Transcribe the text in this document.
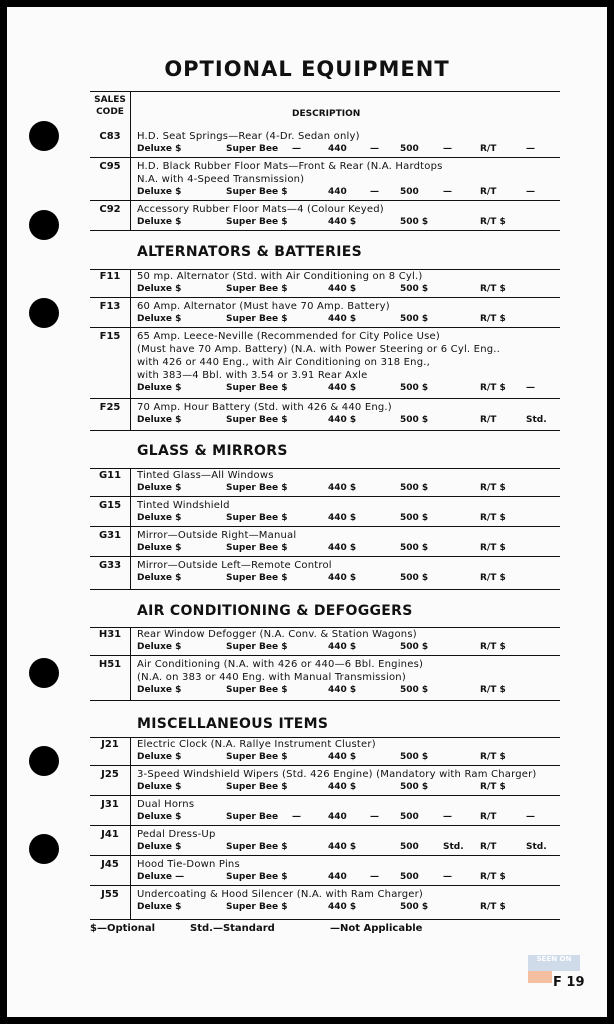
OPTIONAL EQUIPMENT
SALES
CODE	DESCRIPTION
ALTERNATORS & BATTERIES
GLASS & MIRRORS
AIR CONDITIONING & DEFOGGERS
MISCELLANEOUS ITEMS
C83	H.D. Seat Springs—Rear (4-Dr. Sedan only)
Deluxe $	Super Bee —	440	— 500	—	R/T	—
C95	H.D. Black Rubber Floor Mats—Front & Rear (N.A. Hardtops
N.A. with 4-Speed Transmission)
Deluxe $	Super Bee $	440	— 500	—	R/T	—
C92	Accessory Rubber Floor Mats—4 (Colour Keyed)
Deluxe $	Super Bee $	440 $	500 $	R/T $
F11	50 mp. Alternator (Std. with Air Conditioning on 8 Cyl.)
Deluxe $	Super Bee $	440 $	500 $	R/T $
F13	60 Amp. Alternator (Must have 70 Amp. Battery)
Deluxe $	Super Bee $	440 $	500 $	R/T $
F15	65 Amp. Leece-Neville (Recommended for City Police Use)
(Must have 70 Amp. Battery) (N.A. with Power Steering or 6 Cyl. Eng..
with 426 or 440 Eng., with Air Conditioning on 318 Eng.,
with 383—4 Bbl. with 3.54 or 3.91 Rear Axle
Deluxe $	Super Bee $	440 $	500 $	R/T $ —
F25	70 Amp. Hour Battery (Std. with 426 & 440 Eng.)
Deluxe $	Super Bee $	440 $	500 $	R/T	Std.
G11	Tinted Glass—All Windows
Deluxe $	Super Bee $	440 $	500 $	R/T $
G15	Tinted Windshield
Deluxe $	Super Bee $	440 $	500 $	R/T $
G31	Mirror—Outside Right—Manual
Deluxe $	Super Bee $	440 $	500 $	R/T $
G33	Mirror—Outside Left—Remote Control
Deluxe $	Super Bee $	440 $	500 $	R/T $
H31	Rear Window Defogger (N.A. Conv. & Station Wagons)
Deluxe $	Super Bee $	440 $	500 $	R/T $
H51	Air Conditioning (N.A. with 426 or 440—6 Bbl. Engines)
(N.A. on 383 or 440 Eng. with Manual Transmission)
Deluxe $	Super Bee $	440 $	500 $	R/T $
J21	Electric Clock (N.A. Rallye Instrument Cluster)
Deluxe $	Super Bee $	440 $	500 $	R/T $
J25	3-Speed Windshield Wipers (Std. 426 Engine) (Mandatory with Ram Charger)
Deluxe $	Super Bee $	440 $	500 $	R/T $
J31	Dual Horns
Deluxe $	Super Bee —	440	— 500	—	R/T	—
J41	Pedal Dress-Up
Deluxe $	Super Bee $	440 $	500	Std. R/T	Std.
J45	Hood Tie-Down Pins
Deluxe —	Super Bee $	440	— 500	—	R/T $
J55	Undercoating & Hood Silencer (N.A. with Ram Charger)
Deluxe $	Super Bee $	440 $	500 $	R/T $
$—Optional	Std.—Standard	—Not Applicable
SEEN ON
F 19
